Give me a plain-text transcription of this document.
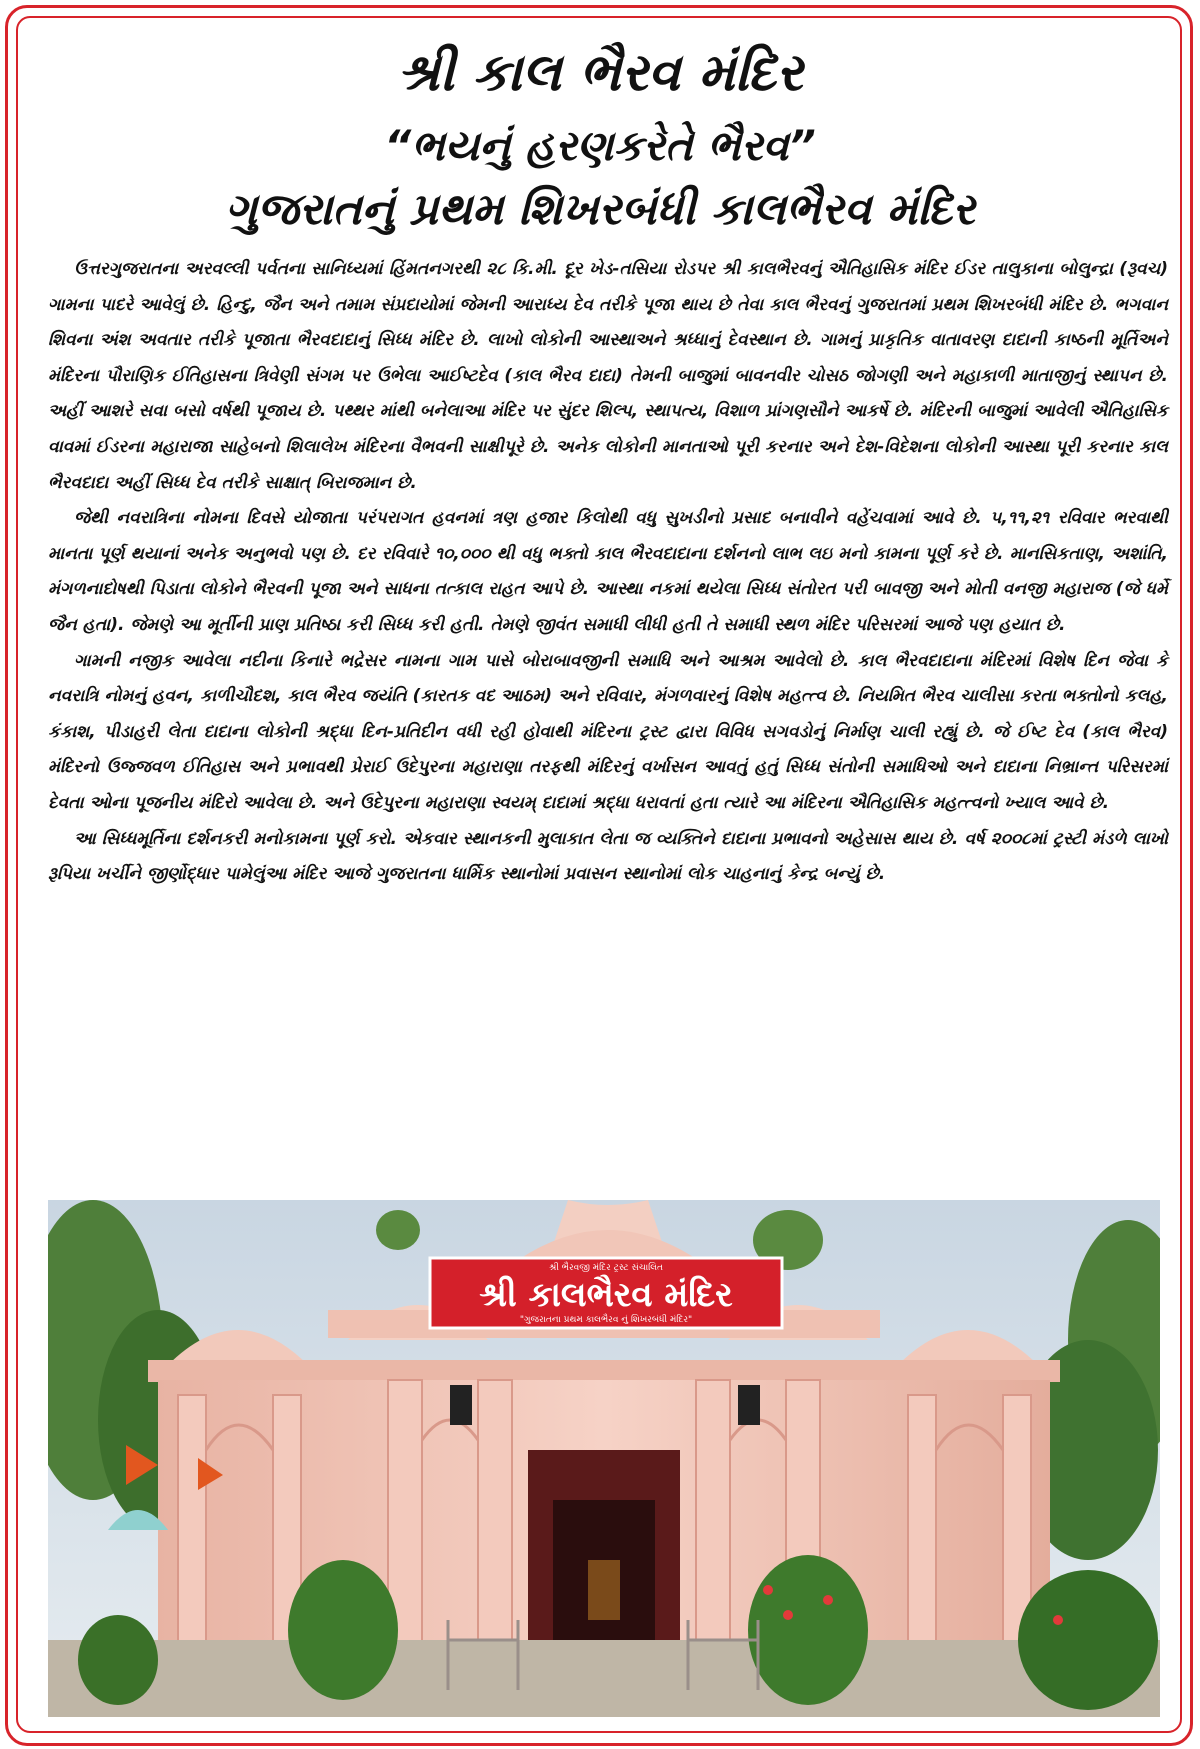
શ્રી કાલ ભૈરવ મંદિર
“ભયનું હરણકરેતે ભૈરવ”
ગુજરાતનું પ્રથમ શિખરબંધી કાલભૈરવ મંદિર

ઉત્તરગુજરાતના અરવલ્લી પર્વતના સાનિધ્યમાં હિંમતનગરથી ૨૮ કિ.મી. દૂર ખેડ-તસિયા રોડપર શ્રી કાલભૈરવનું ઐતિહાસિક મંદિર ઈડર તાલુકાના બોલુન્દ્રા (રૂવચ) ગામના પાદરે આવેલું છે. હિન્દુ, જૈન અને તમામ સંપ્રદાયોમાં જેમની આરાધ્ય દેવ તરીકે પૂજા થાય છે તેવા કાલ ભૈરવનું ગુજરાતમાં પ્રથમ શિખરબંધી મંદિર છે. ભગવાન શિવના અંશ અવતાર તરીકે પૂજાતા ભૈરવદાદાનું સિધ્ધ મંદિર છે. લાખો લોકોની આસ્થાઅને શ્રધ્ધાનું દેવસ્થાન છે. ગામનું પ્રાકૃતિક વાતાવરણ દાદાની કાષ્ઠની મૂર્તિઅને મંદિરના પૌરાણિક ઈતિહાસના ત્રિવેણી સંગમ પર ઉભેલા આઈષ્ટદેવ (કાલ ભૈરવ દાદા) તેમની બાજુમાં બાવનવીર ચોસઠ જોગણી અને મહાકાળી માતાજીનું સ્થાપન છે. અહીં આશરે સવા બસો વર્ષથી પૂજાય છે. પથ્થર માંથી બનેલાઆ મંદિર પર સુંદર શિલ્પ, સ્થાપત્ય, વિશાળ પ્રાંગણસૌને આકર્ષે છે. મંદિરની બાજુમાં આવેલી ઐતિહાસિક વાવમાં ઈડરના મહારાજા સાહેબનો શિલાલેખ મંદિરના વૈભવની સાક્ષીપૂરે છે. અનેક લોકોની માનતાઓ પૂરી કરનાર અને દેશ-વિદેશના લોકોની આસ્થા પૂરી કરનાર કાલ ભૈરવદાદા અહીં સિધ્ધ દેવ તરીકે સાક્ષાત્ બિરાજમાન છે.

જેથી નવરાત્રિના નોમના દિવસે યોજાતા પરંપરાગત હવનમાં ત્રણ હજાર કિલોથી વધુ સુખડીનો પ્રસાદ બનાવીને વહેંચવામાં આવે છે. ૫,૧૧,૨૧ રવિવાર ભરવાથી માનતા પૂર્ણ થયાનાં અનેક અનુભવો પણ છે. દર રવિવારે ૧૦,૦૦૦ થી વધુ ભક્તો કાલ ભૈરવદાદાના દર્શનનો લાભ લઇ મનો કામના પૂર્ણ કરે છે. માનસિકતાણ, અશાંતિ, મંગળનાદોષથી પિડાતા લોકોને ભૈરવની પૂજા અને સાધના તત્કાલ રાહત આપે છે. આસ્થા નકમાં થયેલા સિધ્ધ સંતોરત પરી બાવજી અને મોતી વનજી મહારાજ (જે ધર્મે જૈન હતા). જેમણે આ મૂર્તીની પ્રાણ પ્રતિષ્ઠા કરી સિધ્ધ કરી હતી. તેમણે જીવંત સમાધી લીધી હતી તે સમાધી સ્થળ મંદિર પરિસરમાં આજે પણ હયાત છે.

ગામની નજીક આવેલા નદીના કિનારે ભદ્રેસર નામના ગામ પાસે બોરાબાવજીની સમાધિ અને આશ્રમ આવેલો છે. કાલ ભૈરવદાદાના મંદિરમાં વિશેષ દિન જેવા કે નવરાત્રિ નોમનું હવન, કાળીચૌદશ, કાલ ભૈરવ જયંતિ (કારતક વદ આઠમ) અને રવિવાર, મંગળવારનું વિશેષ મહત્ત્વ છે. નિયમિત ભૈરવ ચાલીસા કરતા ભક્તોનો કલહ, કંકાશ, પીડાહરી લેતા દાદાના લોકોની શ્રદ્ધા દિન-પ્રતિદીન વધી રહી હોવાથી મંદિરના ટ્રસ્ટ દ્વારા વિવિધ સગવડોનું નિર્માણ ચાલી રહ્યું છે. જે ઈષ્ટ દેવ (કાલ ભૈરવ) મંદિરનો ઉજ્જવળ ઈતિહાસ અને પ્રભાવથી પ્રેરાઈ ઉદેપુરના મહારાણા તરફથી મંદિરનું વર્ખાસન આવતું હતું સિધ્ધ સંતોની સમાધિઓ અને દાદાના નિભ્રાન્ત પરિસરમાં દેવતા ઓના પૂજનીય મંદિરો આવેલા છે. અને ઉદેપુરના મહારાણા સ્વયમ્ દાદામાં શ્રદ્ધા ધરાવતાં હતા ત્યારે આ મંદિરના ઐતિહાસિક મહત્ત્વનો ખ્યાલ આવે છે.

આ સિધ્ધમૂર્તિના દર્શનકરી મનોકામના પૂર્ણ કરો. એકવાર સ્થાનકની મુલાકાત લેતા જ વ્યક્તિને દાદાના પ્રભાવનો અહેસાસ થાય છે. વર્ષ ૨૦૦૮માં ટ્રસ્ટી મંડળે લાખો રૂપિયા ખર્ચીને જીર્ણોદ્ધાર પામેલુંઆ મંદિર આજે ગુજરાતના ધાર્મિક સ્થાનોમાં પ્રવાસન સ્થાનોમાં લોક ચાહનાનું કેન્દ્ર બન્યું છે.

શ્રી ભૈરવજી મંદિર ટ્રસ્ટ સંચાલિત
શ્રી કાલભૈરવ મંદિર
"ગુજરાતના પ્રથમ કાલભૈરવ નું શિખરબંધી મંદિર"
